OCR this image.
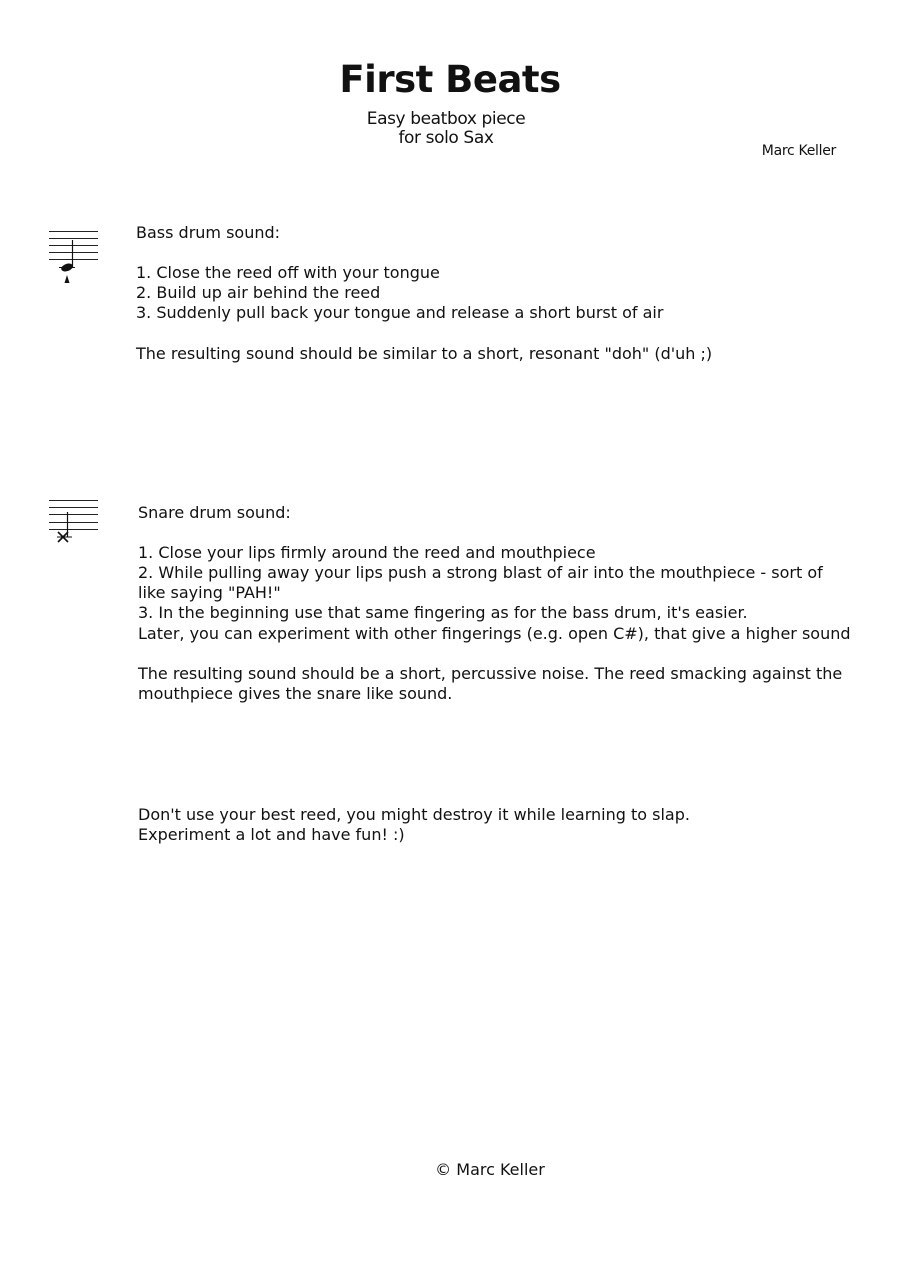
First Beats
Easy beatbox piece
for solo Sax
Marc Keller

Bass drum sound:

1. Close the reed off with your tongue

2. Build up air behind the reed

3. Suddenly pull back your tongue and release a short burst of air

The resulting sound should be similar to a short, resonant "doh" (d'uh ;)

Snare drum sound:

1. Close your lips firmly around the reed and mouthpiece

2. While pulling away your lips push a strong blast of air into the mouthpiece - sort of

like saying "PAH!"

3. In the beginning use that same fingering as for the bass drum, it's easier.

Later, you can experiment with other fingerings (e.g. open C#), that give a higher sound

The resulting sound should be a short, percussive noise. The reed smacking against the

mouthpiece gives the snare like sound.

Don't use your best reed, you might destroy it while learning to slap.

Experiment a lot and have fun! :)

© Marc Keller
